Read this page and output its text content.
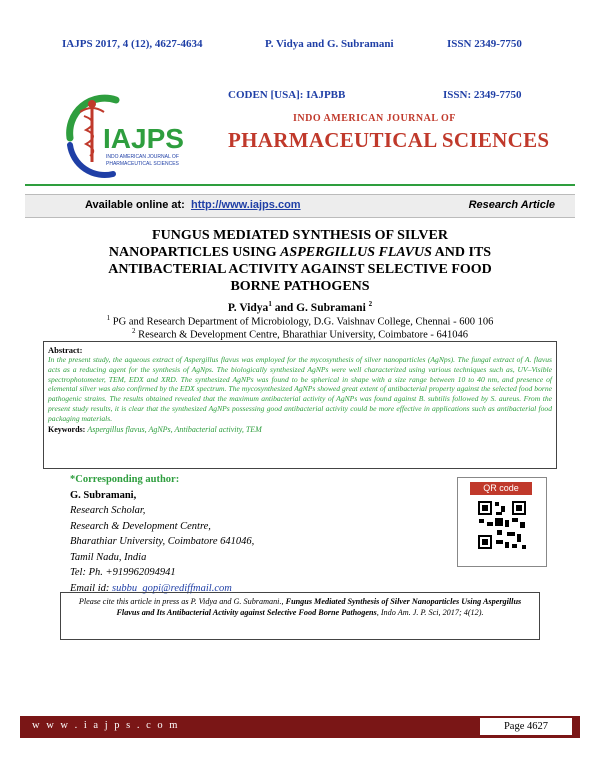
IAJPS 2017, 4 (12), 4627-4634	P. Vidya and G. Subramani	ISSN 2349-7750
IAJPS
INDO AMERICAN JOURNAL OF
PHARMACEUTICAL SCIENCES
CODEN [USA]: IAJPBB	ISSN: 2349-7750
INDO AMERICAN JOURNAL OF
PHARMACEUTICAL SCIENCES
Available online at: http://www.iajps.com	Research Article
FUNGUS MEDIATED SYNTHESIS OF SILVER
NANOPARTICLES USING ASPERGILLUS FLAVUS AND ITS
ANTIBACTERIAL ACTIVITY AGAINST SELECTIVE FOOD
BORNE PATHOGENS
P. Vidya$^1$ and G. Subramani $^2$
$^1$ PG and Research Department of Microbiology, D.G. Vaishnav College, Chennai - 600 106
$^2$ Research & Development Centre, Bharathiar University, Coimbatore - 641046
Abstract:
In the present study, the aqueous extract of Aspergillus flavus was employed for the mycosynthesis of silver nanoparticles (AgNps). The fungal extract of A. flavus acts as a reducing agent for the synthesis of AgNps. The biologically synthesized AgNPs were well characterized using various techniques such as, UV–Visible spectrophotometer, TEM, EDX and XRD. The synthesized AgNPs was found to be spherical in shape with a size range between 10 to 40 nm, and presence of elemental silver was also confirmed by the EDX spectrum. The mycosynthesized AgNPs showed great extent of antibacterial property against the selected food borne pathogenic strains. The results obtained revealed that the maximum antibacterial activity of AgNPs was found against B. subtilis followed by S. aureus. From the present study results, it is clear that the synthesized AgNPs possessing good antibacterial activity could be more effective in applications such as antibacterial food packaging materials.
Keywords: Aspergillus flavus, AgNPs, Antibacterial activity, TEM
*Corresponding author:
G. Subramani,
Research Scholar,
Research & Development Centre,
Bharathiar University, Coimbatore 641046,
Tamil Nadu, India
Tel: Ph. +919962094941
Email id: subbu_gopi@rediffmail.com
QR code
Please cite this article in press as P. Vidya and G. Subramani., Fungus Mediated Synthesis of Silver Nanoparticles Using Aspergillus Flavus and Its Antibacterial Activity against Selective Food Borne Pathogens, Indo Am. J. P. Sci, 2017; 4(12).
w w w . i a j p s . c o m	Page 4627
